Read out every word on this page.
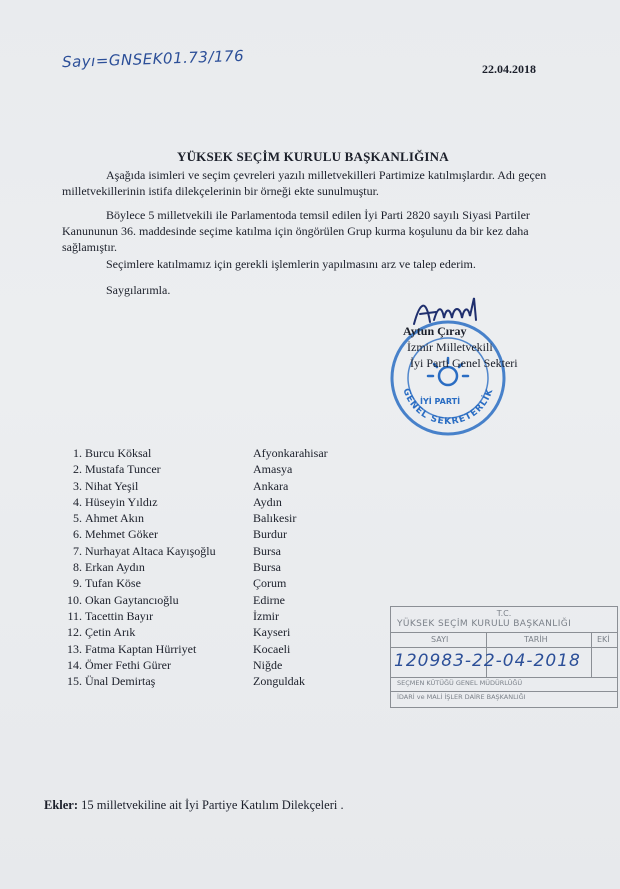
Sayı=GNSEK01.73/176	22.04.2018
YÜKSEK SEÇİM KURULU BAŞKANLIĞINA
Aşağıda isimleri ve seçim çevreleri yazılı milletvekilleri Partimize katılmışlardır. Adı geçen milletvekillerinin istifa dilekçelerinin bir örneği ekte sunulmuştur.
Böylece 5 milletvekili ile Parlamentoda temsil edilen İyi Parti 2820 sayılı Siyasi Partiler Kanununun 36. maddesinde seçime katılma için öngörülen Grup kurma koşulunu da bir kez daha sağlamıştır.
Seçimlere katılmamız için gerekli işlemlerin yapılmasını arz ve talep ederim.
Saygılarımla.
GENEL SEKRETERLİK
İYİ PARTİ
Aytun Çıray
İzmir Milletvekili
İyi Parti Genel Sekteri
1. Burcu Köksal	Afyonkarahisar
2. Mustafa Tuncer	Amasya
3. Nihat Yeşil	Ankara
4. Hüseyin Yıldız	Aydın
5. Ahmet Akın	Balıkesir
6. Mehmet Göker	Burdur
7. Nurhayat Altaca Kayışoğlu	Bursa
8. Erkan Aydın	Bursa
9. Tufan Köse	Çorum
10. Okan Gaytancıoğlu	Edirne
11. Tacettin Bayır	İzmir
12. Çetin Arık	Kayseri
13. Fatma Kaptan Hürriyet	Kocaeli
14. Ömer Fethi Gürer	Niğde
15. Ünal Demirtaş	Zonguldak
T.C.
YÜKSEK SEÇİM KURULU BAŞKANLIĞI
SAYI	TARİH	EKİ
120983-22-04-2018
SEÇMEN KÜTÜĞÜ GENEL MÜDÜRLÜĞÜ
İDARİ ve MALİ İŞLER DAİRE BAŞKANLIĞI
Ekler: 15 milletvekiline ait İyi Partiye Katılım Dilekçeleri .
